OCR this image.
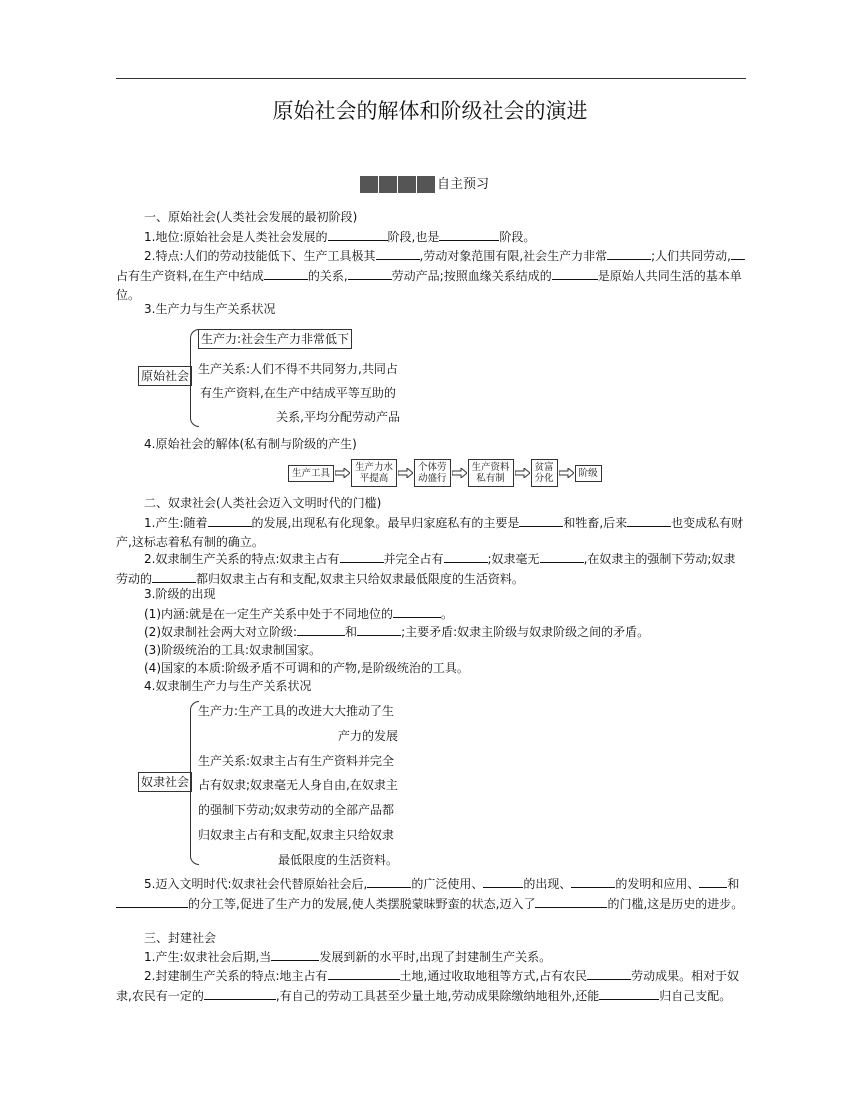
原始社会的解体和阶级社会的演进
自主预习
一、原始社会(人类社会发展的最初阶段)
1.地位:原始社会是人类社会发展的	阶段,也是	阶段。
2.特点:人们的劳动技能低下、生产工具极其	,劳动对象范围有限,社会生产力非常	;人们共同劳动,占有生产资料,在生产中结成	的关系,	劳动产品;按照血缘关系结成的	是原始人共同生活的基本单位。
3.生产力与生产关系状况
原始社会
生产力:社会生产力非常低下
生产关系:人们不得不共同努力,共同占
有生产资料,在生产中结成平等互助的
关系,平均分配劳动产品
4.原始社会的解体(私有制与阶级的产生)
生产工具	生产力水
平提高
个体劳
动盛行
生产资料
私有制
贫富
分化	阶级
二、奴隶社会(人类社会迈入文明时代的门槛)
1.产生:随着	的发展,出现私有化现象。最早归家庭私有的主要是	和牲畜,后来	也变成私有财产,这标志着私有制的确立。
2.奴隶制生产关系的特点:奴隶主占有	并完全占有	;奴隶毫无	,在奴隶主的强制下劳动;奴隶劳动的	都归奴隶主占有和支配,奴隶主只给奴隶最低限度的生活资料。
3.阶级的出现
(1)内涵:就是在一定生产关系中处于不同地位的	。
(2)奴隶制社会两大对立阶级:	和	;主要矛盾:奴隶主阶级与奴隶阶级之间的矛盾。
(3)阶级统治的工具:奴隶制国家。
(4)国家的本质:阶级矛盾不可调和的产物,是阶级统治的工具。
4.奴隶制生产力与生产关系状况
奴隶社会
生产力:生产工具的改进大大推动了生
产力的发展
生产关系:奴隶主占有生产资料并完全
占有奴隶;奴隶毫无人身自由,在奴隶主
的强制下劳动;奴隶劳动的全部产品都
归奴隶主占有和支配,奴隶主只给奴隶
最低限度的生活资料。
5.迈入文明时代:奴隶社会代替原始社会后,	的广泛使用、	的出现、	的发明和应用、 和的分工等,促进了生产力的发展,使人类摆脱蒙昧野蛮的状态,迈入了	的门槛,这是历史的进步。
三、封建社会
1.产生:奴隶社会后期,当	发展到新的水平时,出现了封建制生产关系。
2.封建制生产关系的特点:地主占有	土地,通过收取地租等方式,占有农民	劳动成果。相对于奴隶,农民有一定的	,有自己的劳动工具甚至少量土地,劳动成果除缴纳地租外,还能	归自己支配。
